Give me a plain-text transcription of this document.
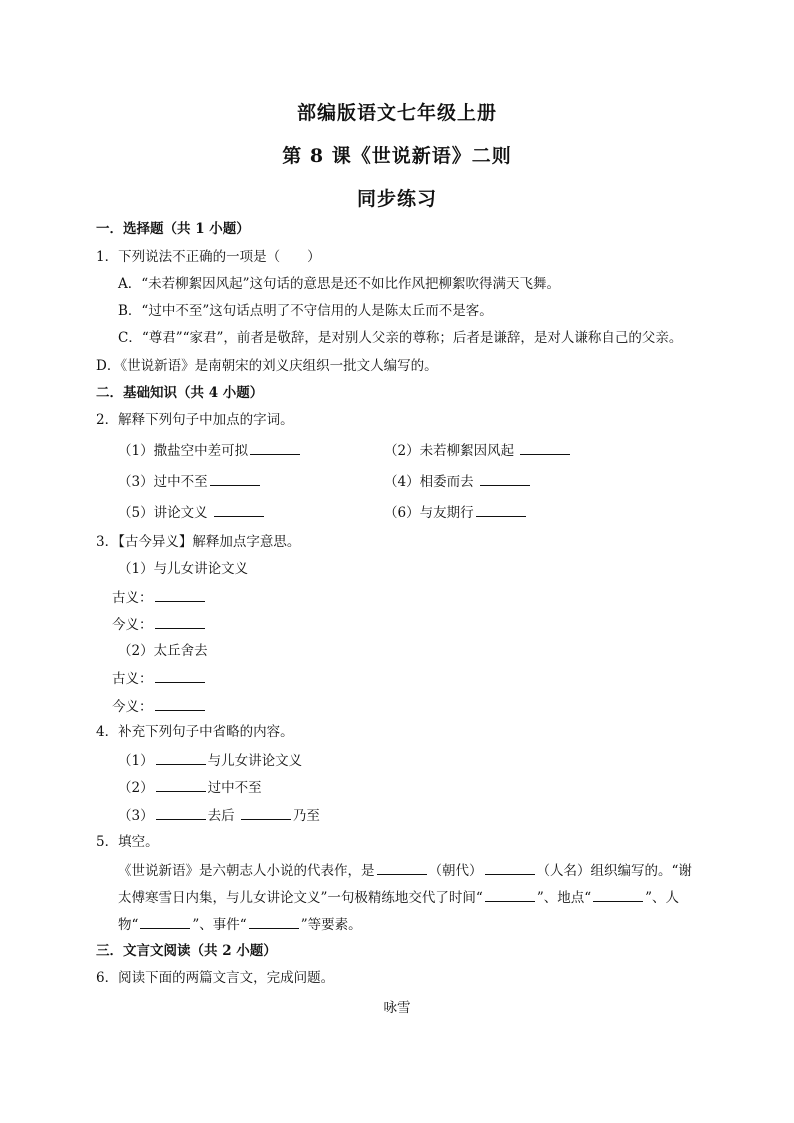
部编版语文七年级上册
第 8 课《世说新语》二则
同步练习
一．选择题（共 1 小题）
1．下列说法不正确的一项是（　　）
A．“未若柳絮因风起”这句话的意思是还不如比作风把柳絮吹得满天飞舞。
B．“过中不至”这句话点明了不守信用的人是陈太丘而不是客。
C．“尊君”“家君”，前者是敬辞，是对别人父亲的尊称；后者是谦辞，是对人谦称自己的父亲。
D．《世说新语》是南朝宋的刘义庆组织一批文人编写的。
二．基础知识（共 4 小题）
2．解释下列句子中加点的字词。
（1）撒盐空中差可拟	（2）未若柳絮因风起
（3）过中不至	（4）相委而去
（5）讲论文义	（6）与友期行
3．【古今异义】解释加点字意思。
（1）与儿女讲论文义
古义：
今义：
（2）太丘舍去
古义：
今义：
4．补充下列句子中省略的内容。
（1）	与儿女讲论文义
（2）	过中不至
（3）	去后	乃至
5．填空。
《世说新语》是六朝志人小说的代表作，是	（朝代）	（人名）组织编写的。“谢
太傅寒雪日内集，与儿女讲论文义”一句极精练地交代了时间“	”、地点“	”、人
物“	”、事件“	”等要素。
三．文言文阅读（共 2 小题）
6．阅读下面的两篇文言文，完成问题。
咏雪
